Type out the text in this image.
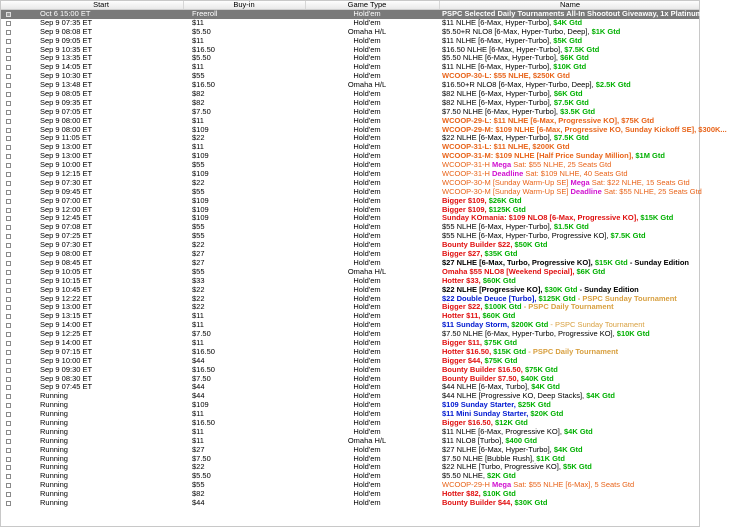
Start	Buy-in	Game Type	Name
Oct 6 15:00 ET	Freeroll	Hold'em	PSPC Selected Daily Tournaments All-In Shootout Giveaway, 1x Platinum Pass ...
Sep 9 07:35 ET	$11	Hold'em	$11 NLHE [6-Max, Hyper-Turbo], $4K Gtd
Sep 9 08:08 ET	$5.50	Omaha H/L	$5.50+R NLO8 [6-Max, Hyper-Turbo, Deep], $1K Gtd
Sep 9 09:05 ET	$11	Hold'em	$11 NLHE [6-Max, Hyper-Turbo], $5K Gtd
Sep 9 10:35 ET	$16.50	Hold'em	$16.50 NLHE [6-Max, Hyper-Turbo], $7.5K Gtd
Sep 9 13:35 ET	$5.50	Hold'em	$5.50 NLHE [6-Max, Hyper-Turbo], $6K Gtd
Sep 9 14:05 ET	$11	Hold'em	$11 NLHE [6-Max, Hyper-Turbo], $10K Gtd
Sep 9 10:30 ET	$55	Hold'em	WCOOP-30-L: $55 NLHE, $250K Gtd
Sep 9 13:48 ET	$16.50	Omaha H/L	$16.50+R NLO8 [6-Max, Hyper-Turbo, Deep], $2.5K Gtd
Sep 9 08:05 ET	$82	Hold'em	$82 NLHE [6-Max, Hyper-Turbo], $6K Gtd
Sep 9 09:35 ET	$82	Hold'em	$82 NLHE [6-Max, Hyper-Turbo], $7.5K Gtd
Sep 9 07:05 ET	$7.50	Hold'em	$7.50 NLHE [6-Max, Hyper-Turbo], $3.5K Gtd
Sep 9 08:00 ET	$11	Hold'em	WCOOP-29-L: $11 NLHE [6-Max, Progressive KO], $75K Gtd
Sep 9 08:00 ET	$109	Hold'em	WCOOP-29-M: $109 NLHE [6-Max, Progressive KO, Sunday Kickoff SE], $300K...
Sep 9 11:05 ET	$22	Hold'em	$22 NLHE [6-Max, Hyper-Turbo], $7.5K Gtd
Sep 9 13:00 ET	$11	Hold'em	WCOOP-31-L: $11 NLHE, $200K Gtd
Sep 9 13:00 ET	$109	Hold'em	WCOOP-31-M: $109 NLHE [Half Price Sunday Million], $1M Gtd
Sep 9 10:00 ET	$55	Hold'em	WCOOP-31-H Mega Sat: $55 NLHE, 25 Seats Gtd
Sep 9 12:15 ET	$109	Hold'em	WCOOP-31-H Deadline Sat: $109 NLHE, 40 Seats Gtd
Sep 9 07:30 ET	$22	Hold'em	WCOOP-30-M [Sunday Warm-Up SE] Mega Sat: $22 NLHE, 15 Seats Gtd
Sep 9 09:45 ET	$55	Hold'em	WCOOP-30-M [Sunday Warm-Up SE] Deadline Sat: $55 NLHE, 25 Seats Gtd
Sep 9 07:00 ET	$109	Hold'em	Bigger $109, $26K Gtd
Sep 9 12:00 ET	$109	Hold'em	Bigger $109, $125K Gtd
Sep 9 12:45 ET	$109	Hold'em	Sunday KOmania: $109 NLO8 [6-Max, Progressive KO], $15K Gtd
Sep 9 07:08 ET	$55	Hold'em	$55 NLHE [6-Max, Hyper-Turbo], $1.5K Gtd
Sep 9 07:25 ET	$55	Hold'em	$55 NLHE [6-Max, Hyper-Turbo, Progressive KO], $7.5K Gtd
Sep 9 07:30 ET	$22	Hold'em	Bounty Builder $22, $50K Gtd
Sep 9 08:00 ET	$27	Hold'em	Bigger $27, $35K Gtd
Sep 9 08:45 ET	$27	Hold'em	$27 NLHE [6-Max, Turbo, Progressive KO], $15K Gtd - Sunday Edition
Sep 9 10:05 ET	$55	Omaha H/L	Omaha $55 NLO8 [Weekend Special], $6K Gtd
Sep 9 10:15 ET	$33	Hold'em	Hotter $33, $60K Gtd
Sep 9 10:45 ET	$22	Hold'em	$22 NLHE [Progressive KO], $30K Gtd - Sunday Edition
Sep 9 12:22 ET	$22	Hold'em	$22 Double Deuce [Turbo], $125K Gtd - PSPC Sunday Tournament
Sep 9 13:00 ET	$22	Hold'em	Bigger $22, $100K Gtd - PSPC Daily Tournament
Sep 9 13:15 ET	$11	Hold'em	Hotter $11, $60K Gtd
Sep 9 14:00 ET	$11	Hold'em	$11 Sunday Storm, $200K Gtd - PSPC Sunday Tournament
Sep 9 12:25 ET	$7.50	Hold'em	$7.50 NLHE [6-Max, Hyper-Turbo, Progressive KO], $10K Gtd
Sep 9 14:00 ET	$11	Hold'em	Bigger $11, $75K Gtd
Sep 9 07:15 ET	$16.50	Hold'em	Hotter $16.50, $15K Gtd - PSPC Daily Tournament
Sep 9 10:00 ET	$44	Hold'em	Bigger $44, $75K Gtd
Sep 9 09:30 ET	$16.50	Hold'em	Bounty Builder $16.50, $75K Gtd
Sep 9 08:30 ET	$7.50	Hold'em	Bounty Builder $7.50, $40K Gtd
Sep 9 07:45 ET	$44	Hold'em	$44 NLHE [6-Max, Turbo], $4K Gtd
Running	$44	Hold'em	$44 NLHE [Progressive KO, Deep Stacks], $4K Gtd
Running	$109	Hold'em	$109 Sunday Starter, $25K Gtd
Running	$11	Hold'em	$11 Mini Sunday Starter, $20K Gtd
Running	$16.50	Hold'em	Bigger $16.50, $12K Gtd
Running	$11	Hold'em	$11 NLHE [6-Max, Progressive KO], $4K Gtd
Running	$11	Omaha H/L	$11 NLO8 [Turbo], $400 Gtd
Running	$27	Hold'em	$27 NLHE [6-Max, Hyper-Turbo], $4K Gtd
Running	$7.50	Hold'em	$7.50 NLHE [Bubble Rush], $1K Gtd
Running	$22	Hold'em	$22 NLHE [Turbo, Progressive KO], $5K Gtd
Running	$5.50	Hold'em	$5.50 NLHE, $2K Gtd
Running	$55	Hold'em	WCOOP-29-H Mega Sat: $55 NLHE [6-Max], 5 Seats Gtd
Running	$82	Hold'em	Hotter $82, $10K Gtd
Running	$44	Hold'em	Bounty Builder $44, $30K Gtd
